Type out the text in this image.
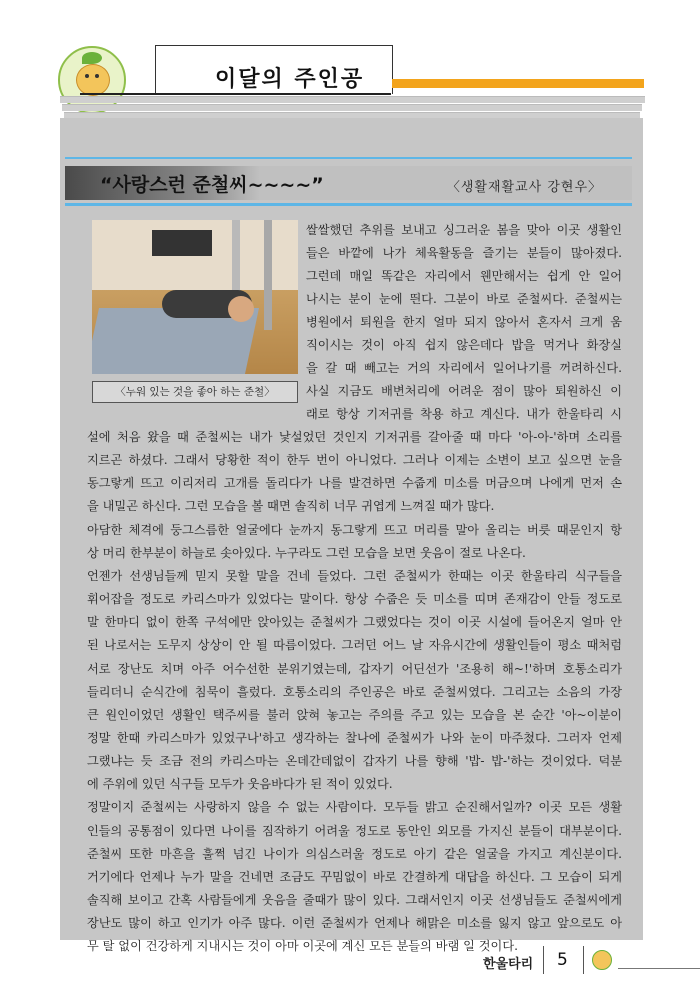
이달의 주인공
“사랑스런 준철씨~~~~”	〈생활재활교사 강현우〉
〈누워 있는 것을 좋아 하는 준철〉
쌀쌀했던 추위를 보내고 싱그러운 봄을 맞아 이곳 생활인
들은 바깥에 나가 체육활동을 즐기는 분들이 많아졌다.
그런데 매일 똑같은 자리에서 웬만해서는 쉽게 안 일어
나시는 분이 눈에 띈다. 그분이 바로 준철씨다. 준철씨는
병원에서 퇴원을 한지 얼마 되지 않아서 혼자서 크게 움
직이시는 것이 아직 쉽지 않은데다 밥을 먹거나 화장실
을 갈 때 빼고는 거의 자리에서 일어나기를 꺼려하신다.
사실 지금도 배변처리에 어려운 점이 많아 퇴원하신 이
래로 항상 기저귀를 착용 하고 계신다. 내가 한울타리 시
설에 처음 왔을 때 준철씨는 내가 낯설었던 것인지 기저귀를 갈아줄 때 마다 '아-아-'하며 소리를
지르곤 하셨다. 그래서 당황한 적이 한두 번이 아니었다. 그러나 이제는 소변이 보고 싶으면 눈을
동그랗게 뜨고 이리저리 고개를 돌리다가 나를 발견하면 수줍게 미소를 머금으며 나에게 먼저 손
을 내밀곤 하신다. 그런 모습을 볼 때면 솔직히 너무 귀엽게 느껴질 때가 많다.
아담한 체격에 둥그스름한 얼굴에다 눈까지 동그랗게 뜨고 머리를 말아 올리는 버릇 때문인지 항
상 머리 한부분이 하늘로 솟아있다. 누구라도 그런 모습을 보면 웃음이 절로 나온다.
언젠가 선생님들께 믿지 못할 말을 건네 들었다. 그런 준철씨가 한때는 이곳 한울타리 식구들을
휘어잡을 정도로 카리스마가 있었다는 말이다. 항상 수줍은 듯 미소를 띠며 존재감이 안들 정도로
말 한마디 없이 한쪽 구석에만 앉아있는 준철씨가 그랬었다는 것이 이곳 시설에 들어온지 얼마 안
된 나로서는 도무지 상상이 안 될 따름이었다. 그러던 어느 날 자유시간에 생활인들이 평소 때처럼
서로 장난도 치며 아주 어수선한 분위기였는데, 갑자기 어딘선가 '조용히 해~!'하며 호통소리가
들리더니 순식간에 침묵이 흘렀다. 호통소리의 주인공은 바로 준철씨였다. 그리고는 소음의 가장
큰 원인이었던 생활인 택주씨를 불러 앉혀 놓고는 주의를 주고 있는 모습을 본 순간 '아~이분이
정말 한때 카리스마가 있었구나'하고 생각하는 찰나에 준철씨가 나와 눈이 마주쳤다. 그러자 언제
그랬냐는 듯 조금 전의 카리스마는 온데간데없이 갑자기 나를 향해 '밥- 밥-'하는 것이었다. 덕분
에 주위에 있던 식구들 모두가 웃음바다가 된 적이 있었다.
정말이지 준철씨는 사랑하지 않을 수 없는 사람이다. 모두들 밝고 순진해서일까? 이곳 모든 생활
인들의 공통점이 있다면 나이를 짐작하기 어려울 정도로 동안인 외모를 가지신 분들이 대부분이다.
준철씨 또한 마흔을 훌쩍 넘긴 나이가 의심스러울 정도로 아기 같은 얼굴을 가지고 계신분이다.
거기에다 언제나 누가 말을 건네면 조금도 꾸밈없이 바로 간결하게 대답을 하신다. 그 모습이 되게
솔직해 보이고 간혹 사람들에게 웃음을 줄때가 많이 있다. 그래서인지 이곳 선생님들도 준철씨에게
장난도 많이 하고 인기가 아주 많다. 이런 준철씨가 언제나 해맑은 미소를 잃지 않고 앞으로도 아
무 탈 없이 건강하게 지내시는 것이 아마 이곳에 계신 모든 분들의 바램 일 것이다.
한울타리 5
